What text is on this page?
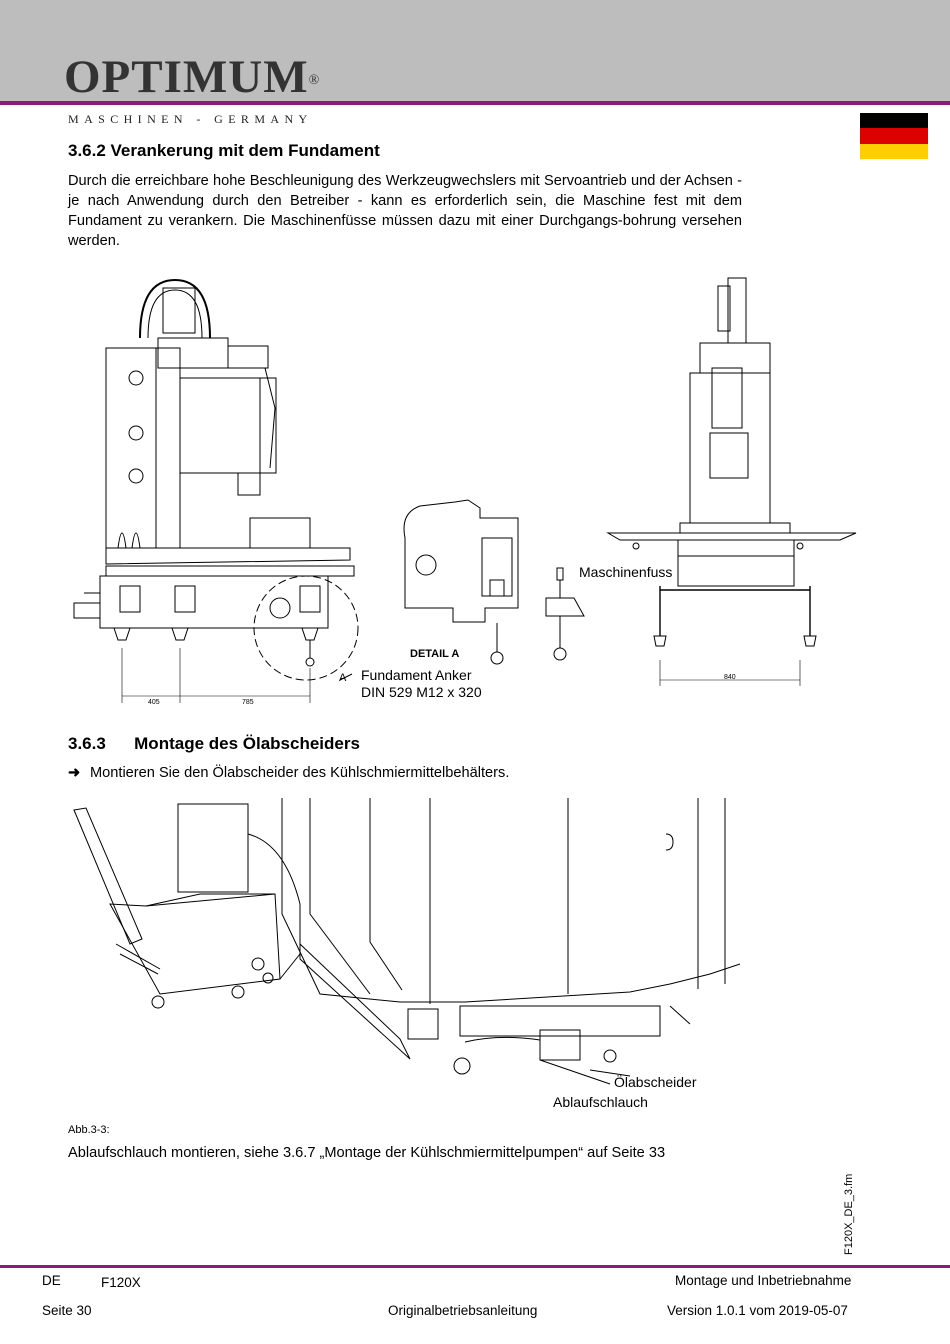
OPTIMUM®
MASCHINEN - GERMANY
3.6.2 Verankerung mit dem Fundament
Durch die erreichbare hohe Beschleunigung des Werkzeugwechslers mit Servoantrieb und der Achsen - je nach Anwendung durch den Betreiber - kann es erforderlich sein, die Maschine fest mit dem Fundament zu verankern. Die Maschinenfüsse müssen dazu mit einer Durchgangs-bohrung versehen werden.
Maschinenfuss
DETAIL A
A Fundament Anker
DIN 529 M12 x 320
405	785
840
3.6.3      Montage des Ölabscheiders
➜ Montieren Sie den Ölabscheider des Kühlschmiermittelbehälters.
Ölabscheider
Ablaufschlauch
Abb.3-3:
Ablaufschlauch montieren, siehe 3.6.7 „Montage der Kühlschmiermittelpumpen“ auf Seite 33
F120X_DE_3.fm
DE	F120X	Montage und Inbetriebnahme
Seite 30	Originalbetriebsanleitung	Version 1.0.1 vom 2019-05-07
